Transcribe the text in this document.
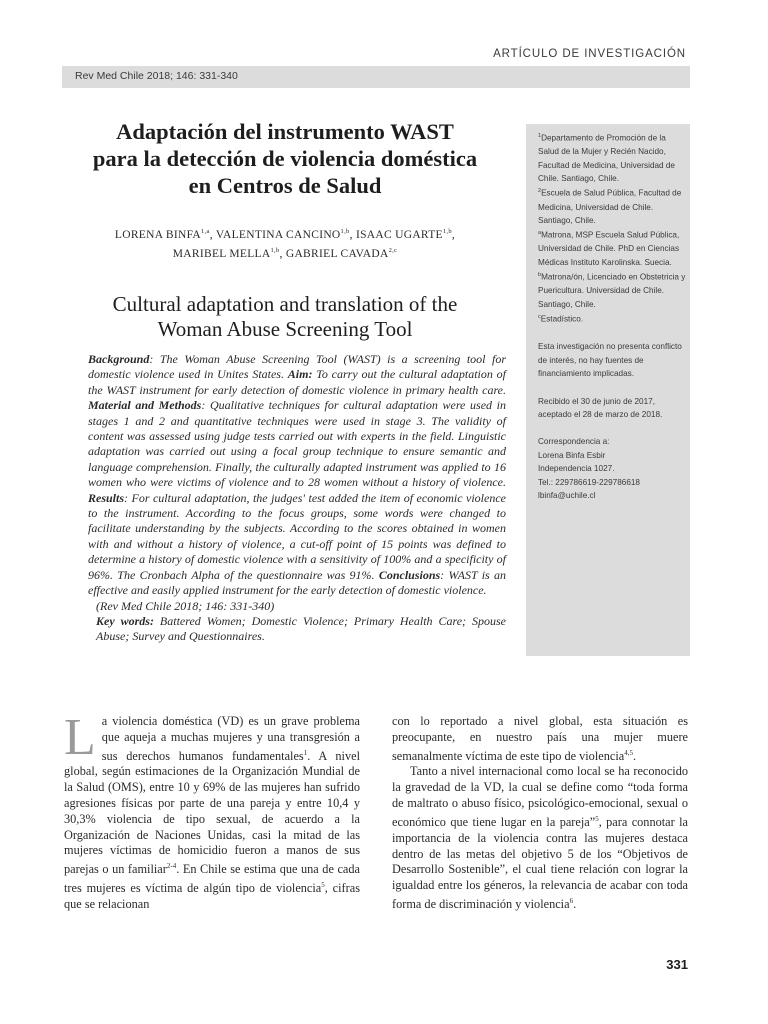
ARTÍCULO DE INVESTIGACIÓN
Rev Med Chile 2018; 146: 331-340
Adaptación del instrumento WAST
para la detección de violencia doméstica
en Centros de Salud

LORENA BINFA$^{1,a}$, VALENTINA CANCINO$^{1,b}$, ISAAC UGARTE$^{1,b}$,

MARIBEL MELLA$^{1,b}$, GABRIEL CAVADA$^{2,c}$

Cultural adaptation and translation of the
Woman Abuse Screening Tool

Background: The Woman Abuse Screening Tool (WAST) is a screening tool for domestic violence used in Unites States. Aim: To carry out the cultural adaptation of the WAST instrument for early detection of domestic violence in primary health care. Material and Methods: Qualitative techniques for cultural adaptation were used in stages 1 and 2 and quantitative techniques were used in stage 3. The validity of content was assessed using judge tests carried out with experts in the field. Linguistic adaptation was carried out using a focal group technique to ensure semantic and language comprehension. Finally, the culturally adapted instrument was applied to 16 women who were victims of violence and to 28 women without a history of violence. Results: For cultural adaptation, the judges' test added the item of economic violence to the instrument. According to the focus groups, some words were changed to facilitate understanding by the subjects. According to the scores obtained in women with and without a history of violence, a cut-off point of 15 points was defined to determine a history of domestic violence with a sensitivity of 100% and a specificity of 96%. The Cronbach Alpha of the questionnaire was 91%. Conclusions: WAST is an effective and easily applied instrument for the early detection of domestic violence.

(Rev Med Chile 2018; 146: 331-340)

Key words: Battered Women; Domestic Violence; Primary Health Care; Spouse Abuse; Survey and Questionnaires.

$^1$Departamento de Promoción de la Salud de la Mujer y Recién Nacido, Facultad de Medicina, Universidad de Chile. Santiago, Chile.

$^2$Escuela de Salud Pública, Facultad de Medicina, Universidad de Chile. Santiago, Chile.

$^a$Matrona, MSP Escuela Salud Pública, Universidad de Chile. PhD en Ciencias Médicas Instituto Karolinska. Suecia.

$^b$Matrona/ón, Licenciado en Obstetricia y Puericultura. Universidad de Chile. Santiago, Chile.

$^c$Estadístico.

Esta investigación no presenta conflicto de interés, no hay fuentes de financiamiento implicadas.

Recibido el 30 de junio de 2017, aceptado el 28 de marzo de 2018.

Correspondencia a:

Lorena Binfa Esbir

Independencia 1027.

Tel.: 229786619-229786618

lbinfa@uchile.cl

La violencia doméstica (VD) es un grave problema que aqueja a muchas mujeres y una transgresión a sus derechos humanos fundamentales$^1$. A nivel global, según estimaciones de la Organización Mundial de la Salud (OMS), entre 10 y 69% de las mujeres han sufrido agresiones físicas por parte de una pareja y entre 10,4 y 30,3% violencia de tipo sexual, de acuerdo a la Organización de Naciones Unidas, casi la mitad de las mujeres víctimas de homicidio fueron a manos de sus parejas o un familiar$^{2-4}$. En Chile se estima que una de cada tres mujeres es víctima de algún tipo de violencia$^5$, cifras que se relacionan

con lo reportado a nivel global, esta situación es preocupante, en nuestro país una mujer muere semanalmente víctima de este tipo de violencia$^{4,5}$.

Tanto a nivel internacional como local se ha reconocido la gravedad de la VD, la cual se define como “toda forma de maltrato o abuso físico, psicológico-emocional, sexual o económico que tiene lugar en la pareja”$^5$, para connotar la importancia de la violencia contra las mujeres destaca dentro de las metas del objetivo 5 de los “Objetivos de Desarrollo Sostenible”, el cual tiene relación con lograr la igualdad entre los géneros, la relevancia de acabar con toda forma de discriminación y violencia$^6$.

331
